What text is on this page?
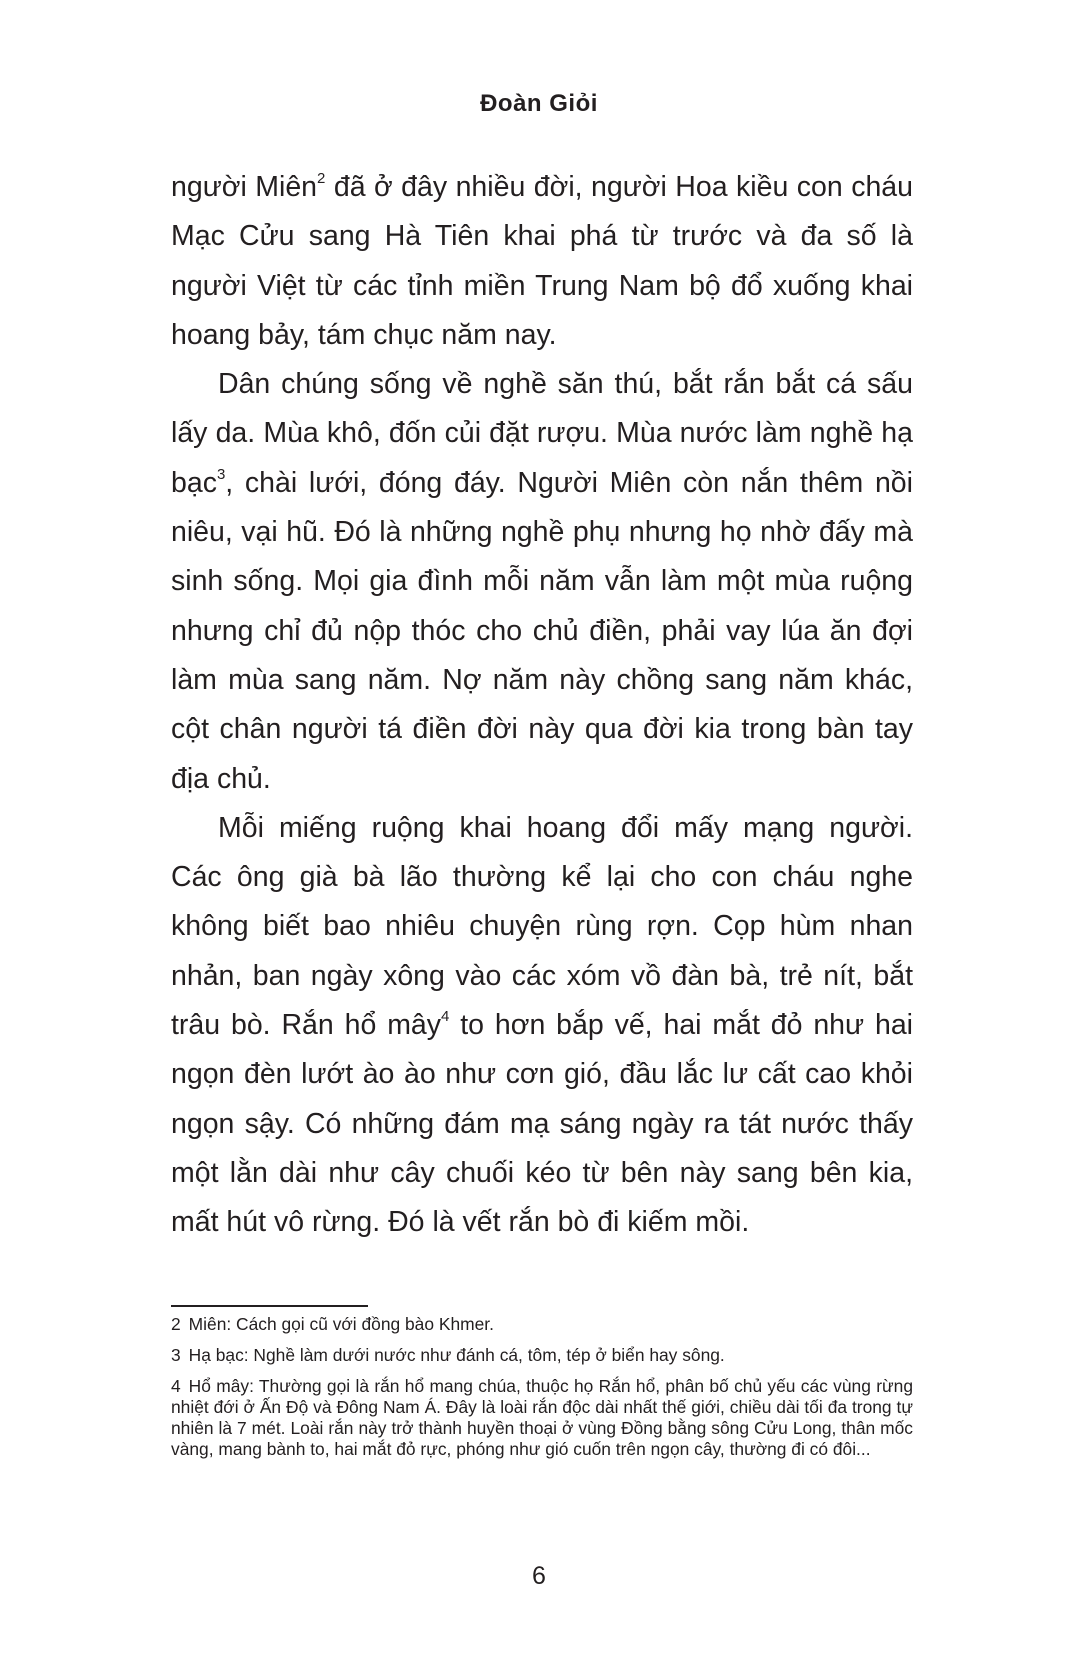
Đoàn Giỏi

người Miên$^2$ đã ở đây nhiều đời, người Hoa kiều con cháu Mạc Cửu sang Hà Tiên khai phá từ trước và đa số là người Việt từ các tỉnh miền Trung Nam bộ đổ xuống khai hoang bảy, tám chục năm nay.

Dân chúng sống về nghề săn thú, bắt rắn bắt cá sấu lấy da. Mùa khô, đốn củi đặt rượu. Mùa nước làm nghề hạ bạc$^3$, chài lưới, đóng đáy. Người Miên còn nắn thêm nồi niêu, vại hũ. Đó là những nghề phụ nhưng họ nhờ đấy mà sinh sống. Mọi gia đình mỗi năm vẫn làm một mùa ruộng nhưng chỉ đủ nộp thóc cho chủ điền, phải vay lúa ăn đợi làm mùa sang năm. Nợ năm này chồng sang năm khác, cột chân người tá điền đời này qua đời kia trong bàn tay địa chủ.

Mỗi miếng ruộng khai hoang đổi mấy mạng người. Các ông già bà lão thường kể lại cho con cháu nghe không biết bao nhiêu chuyện rùng rợn. Cọp hùm nhan nhản, ban ngày xông vào các xóm vồ đàn bà, trẻ nít, bắt trâu bò. Rắn hổ mây$^4$ to hơn bắp vế, hai mắt đỏ như hai ngọn đèn lướt ào ào như cơn gió, đầu lắc lư cất cao khỏi ngọn sậy. Có những đám mạ sáng ngày ra tát nước thấy một lằn dài như cây chuối kéo từ bên này sang bên kia, mất hút vô rừng. Đó là vết rắn bò đi kiếm mồi.

2 Miên: Cách gọi cũ với đồng bào Khmer.

3 Hạ bạc: Nghề làm dưới nước như đánh cá, tôm, tép ở biển hay sông.

4 Hổ mây: Thường gọi là rắn hổ mang chúa, thuộc họ Rắn hổ, phân bố chủ yếu các vùng rừng nhiệt đới ở Ấn Độ và Đông Nam Á. Đây là loài rắn độc dài nhất thế giới, chiều dài tối đa trong tự nhiên là 7 mét. Loài rắn này trở thành huyền thoại ở vùng Đồng bằng sông Cửu Long, thân mốc vàng, mang bành to, hai mắt đỏ rực, phóng như gió cuốn trên ngọn cây, thường đi có đôi...

6
